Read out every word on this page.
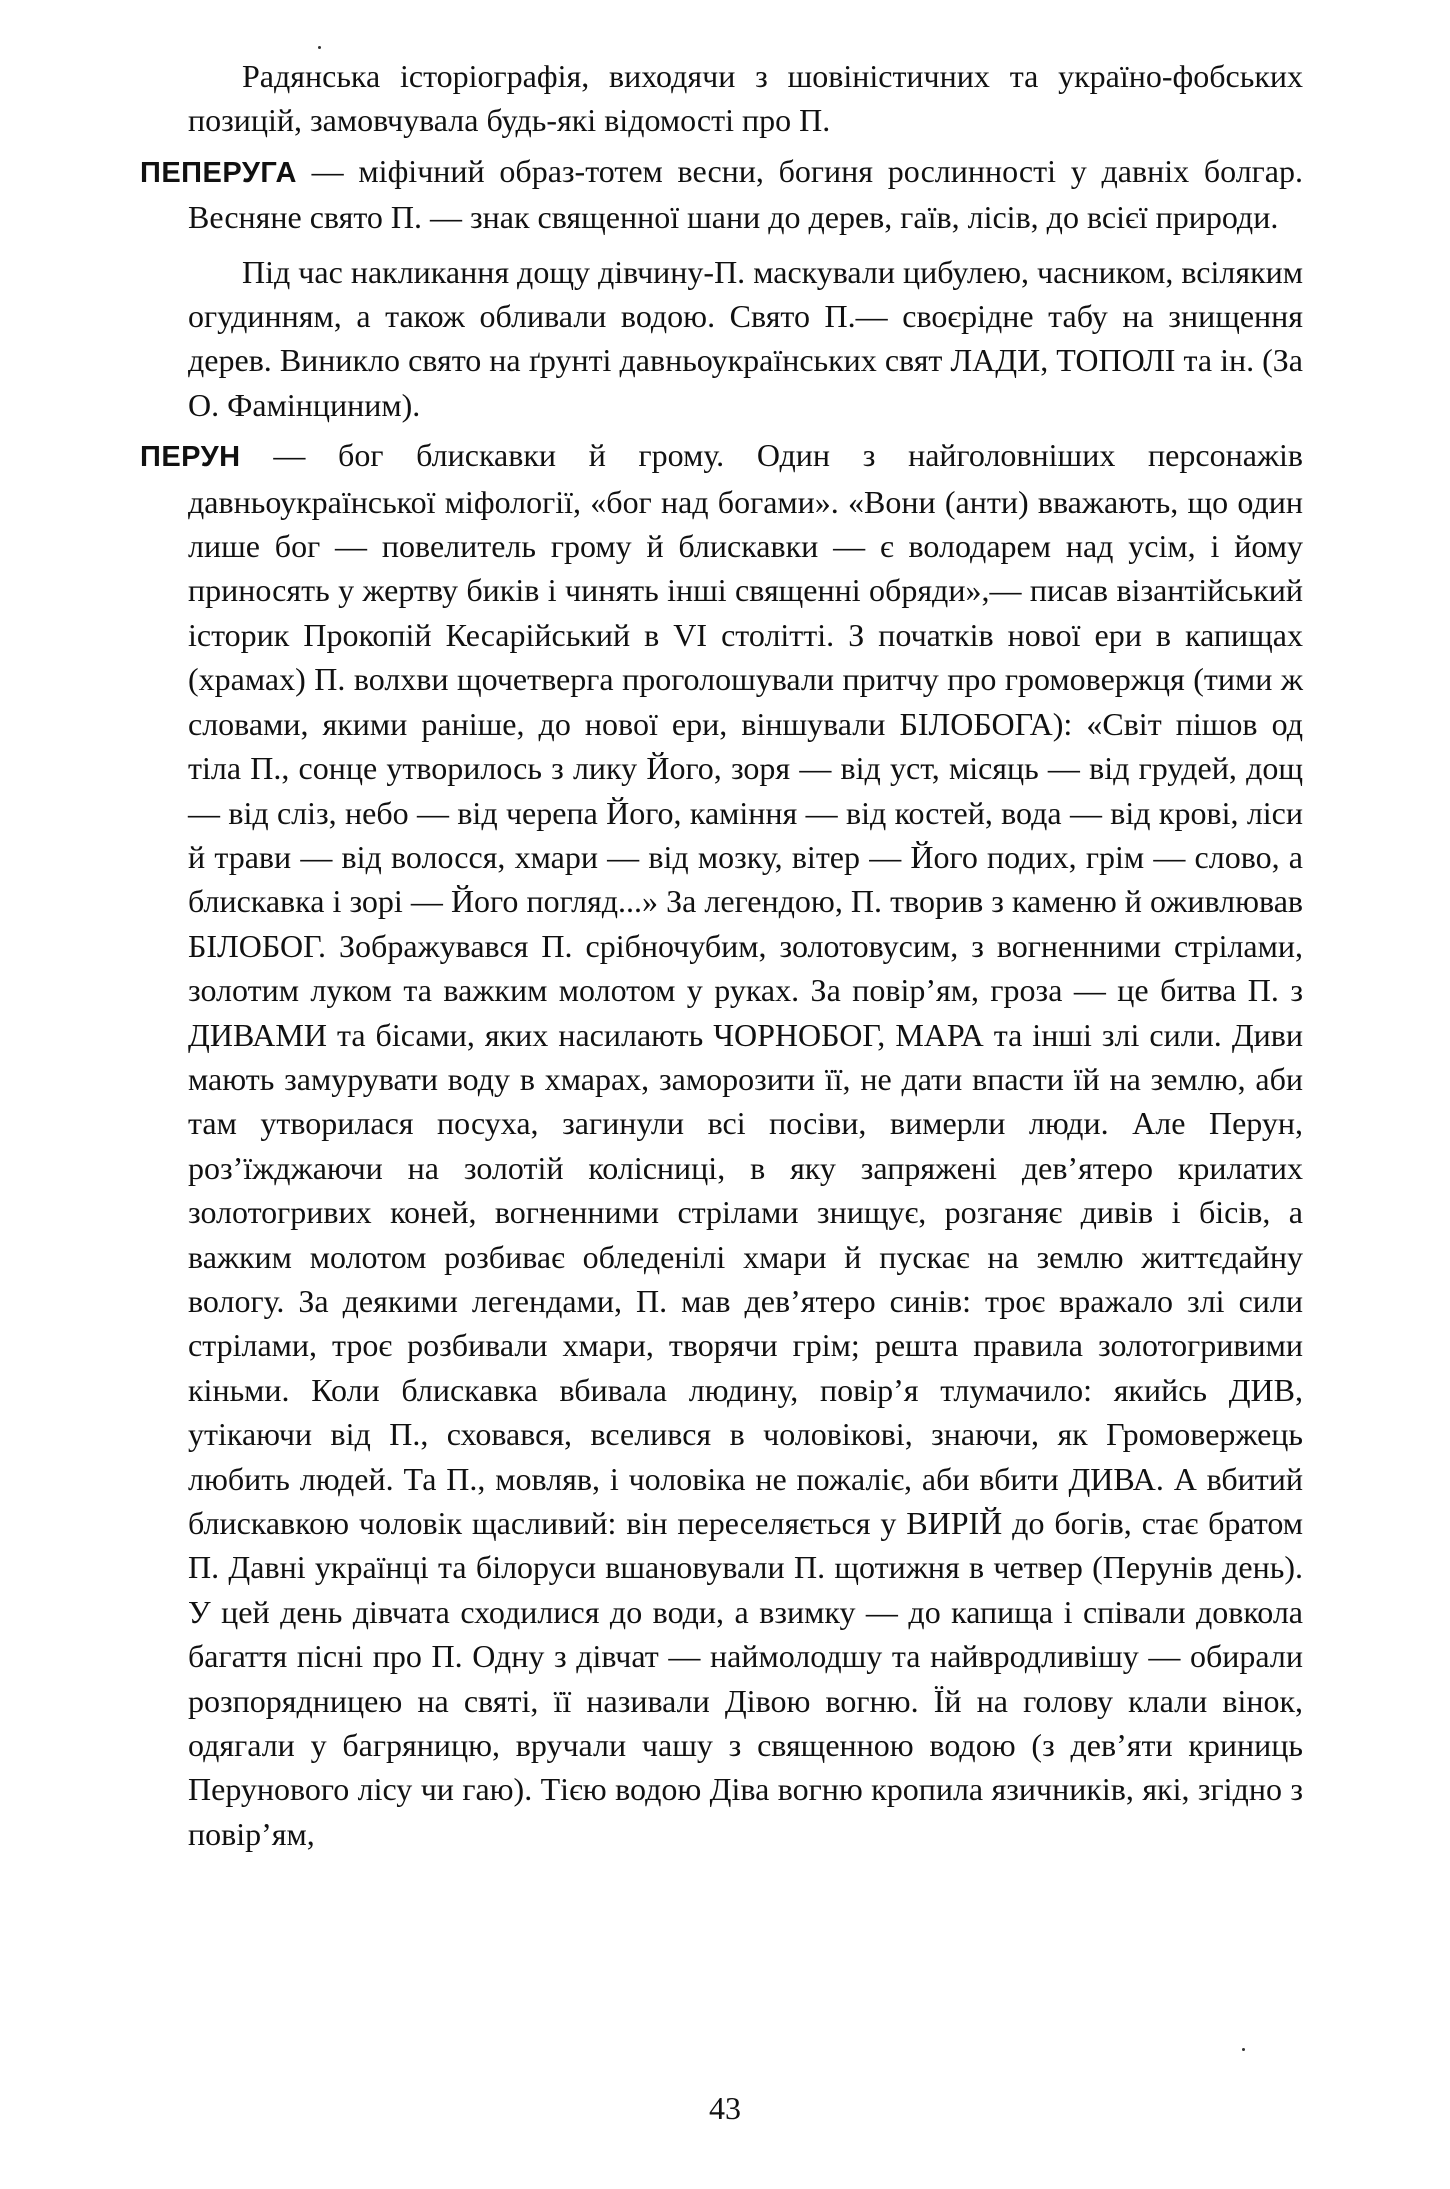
Радянська історіографія, виходячи з шовіністичних та україно-фобських позицій, замовчувала будь-які відомості про П.

ПЕПЕРУГА — міфічний образ-тотем весни, богиня рослинності у давніх болгар. Весняне свято П. — знак священної шани до дерев, гаїв, лісів, до всієї природи.

Під час накликання дощу дівчину-П. маскували цибулею, часником, всіляким огудинням, а також обливали водою. Свято П.— своєрідне табу на знищення дерев. Виникло свято на ґрунті давньоукраїнських свят ЛАДИ, ТОПОЛІ та ін. (За О. Фамінциним).

ПЕРУН — бог блискавки й грому. Один з найголовніших персонажів давньоукраїнської міфології, «бог над богами». «Вони (анти) вважають, що один лише бог — повелитель грому й блискавки — є володарем над усім, і йому приносять у жертву биків і чинять інші священні обряди»,— писав візантійський історик Прокопій Кесарійський в VI столітті. З початків нової ери в капищах (храмах) П. волхви щочетверга проголошували притчу про громовержця (тими ж словами, якими раніше, до нової ери, віншували БІЛОБОГА): «Світ пішов од тіла П., сонце утворилось з лику Його, зоря — від уст, місяць — від грудей, дощ — від сліз, небо — від черепа Його, каміння — від костей, вода — від крові, ліси й трави — від волосся, хмари — від мозку, вітер — Його подих, грім — слово, а блискавка і зорі — Його погляд...» За легендою, П. творив з каменю й оживлював БІЛОБОГ. Зображувався П. срібночубим, золотовусим, з вогненними стрілами, золотим луком та важким молотом у руках. За повір’ям, гроза — це битва П. з ДИВАМИ та бісами, яких насилають ЧОРНОБОГ, МАРА та інші злі сили. Диви мають замурувати воду в хмарах, заморозити її, не дати впасти їй на землю, аби там утворилася посуха, загинули всі посіви, вимерли люди. Але Перун, роз’їжджаючи на золотій колісниці, в яку запряжені дев’ятеро крилатих золотогривих коней, вогненними стрілами знищує, розганяє дивів і бісів, а важким молотом розбиває обледенілі хмари й пускає на землю життєдайну вологу. За деякими легендами, П. мав дев’ятеро синів: троє вражало злі сили стрілами, троє розбивали хмари, творячи грім; решта правила золотогривими кіньми. Коли блискавка вбивала людину, повір’я тлумачило: якийсь ДИВ, утікаючи від П., сховався, вселився в чоловікові, знаючи, як Громовержець любить людей. Та П., мовляв, і чоловіка не пожаліє, аби вбити ДИВА. А вбитий блискавкою чоловік щасливий: він переселяється у ВИРІЙ до богів, стає братом П. Давні українці та білоруси вшановували П. щотижня в четвер (Перунів день). У цей день дівчата сходилися до води, а взимку — до капища і співали довкола багаття пісні про П. Одну з дівчат — наймолодшу та найвродливішу — обирали розпорядницею на святі, її називали Дівою вогню. Їй на голову клали вінок, одягали у багряницю, вручали чашу з священною водою (з дев’яти криниць Перунового лісу чи гаю). Тією водою Діва вогню кропила язичників, які, згідно з повір’ям,

43
